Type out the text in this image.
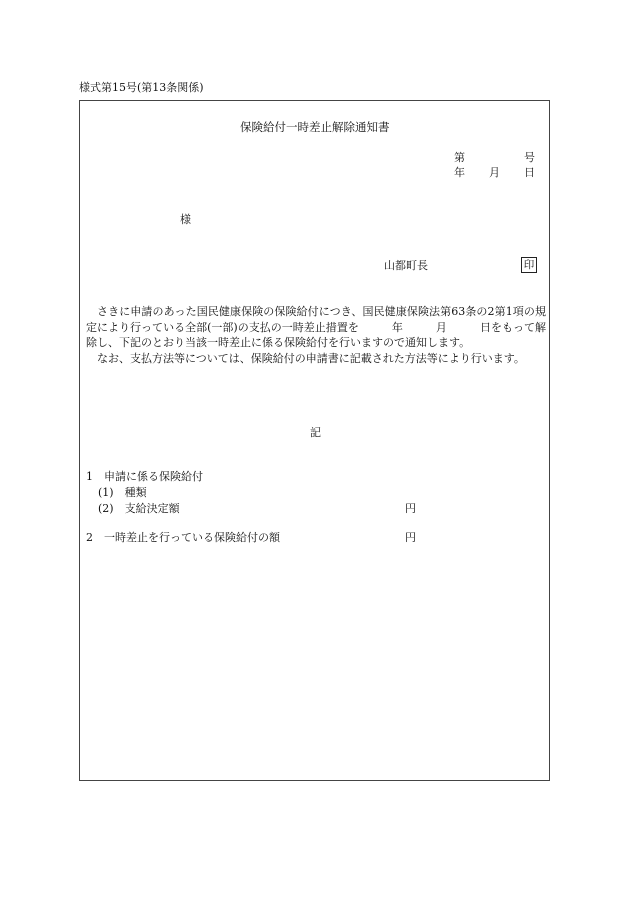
様式第15号(第13条関係)
保険給付一時差止解除通知書
第	号
年 月 日
様
山都町長	印

さきに申請のあった国民健康保険の保険給付につき、国民健康保険法第63条の2第1項の規定により行っている全部(一部)の支払の一時差止措置を　　　年　　　月　　　日をもって解除し、下記のとおり当該一時差止に係る保険給付を行いますので通知します。

なお、支払方法等については、保険給付の申請書に記載された方法等により行います。

記
1　申請に係る保険給付
(1)　種類
(2)　支給決定額	円
2　一時差止を行っている保険給付の額	円
